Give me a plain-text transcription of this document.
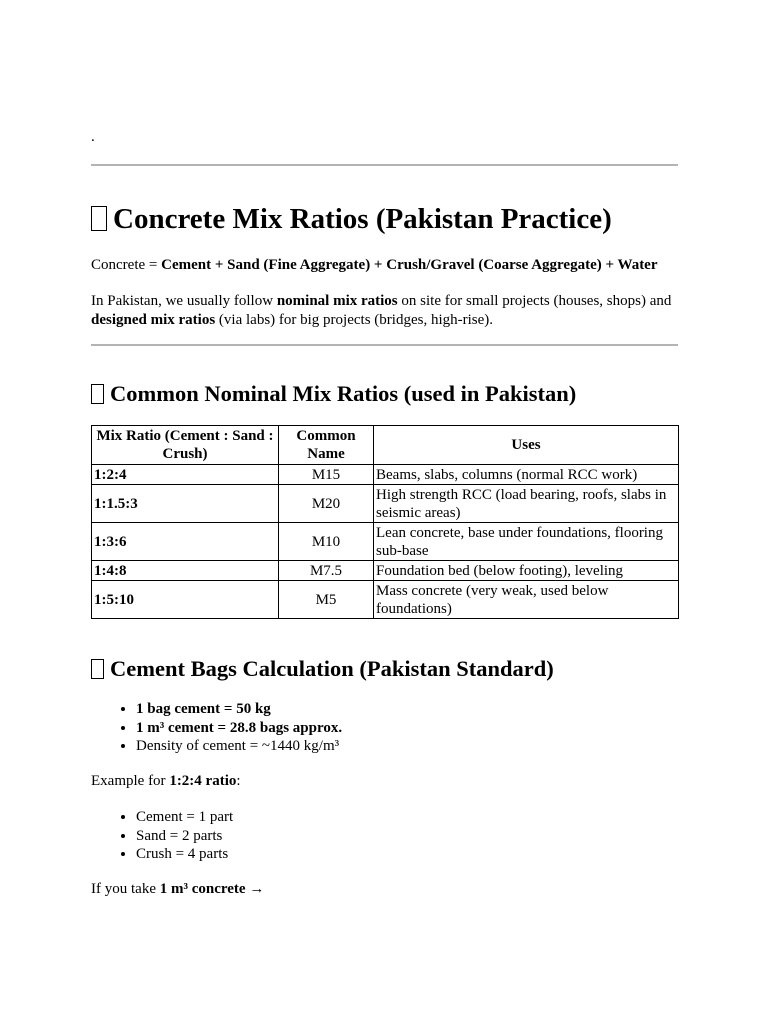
.
Concrete Mix Ratios (Pakistan Practice)

Concrete = Cement + Sand (Fine Aggregate) + Crush/Gravel (Coarse Aggregate) + Water

In Pakistan, we usually follow nominal mix ratios on site for small projects (houses, shops) and designed mix ratios (via labs) for big projects (bridges, high-rise).

Common Nominal Mix Ratios (used in Pakistan)
Mix Ratio (Cement : Sand : Crush)	Common Name	Uses
1:2:4	M15	Beams, slabs, columns (normal RCC work)
1:1.5:3	M20	High strength RCC (load bearing, roofs, slabs in seismic areas)
1:3:6	M10	Lean concrete, base under foundations, flooring sub-base
1:4:8	M7.5	Foundation bed (below footing), leveling
1:5:10	M5	Mass concrete (very weak, used below foundations)
Cement Bags Calculation (Pakistan Standard)
• 1 bag cement = 50 kg
• 1 m³ cement = 28.8 bags approx.
• Density of cement = ~1440 kg/m³

Example for 1:2:4 ratio:

• Cement = 1 part
• Sand = 2 parts
• Crush = 4 parts

If you take 1 m³ concrete →
